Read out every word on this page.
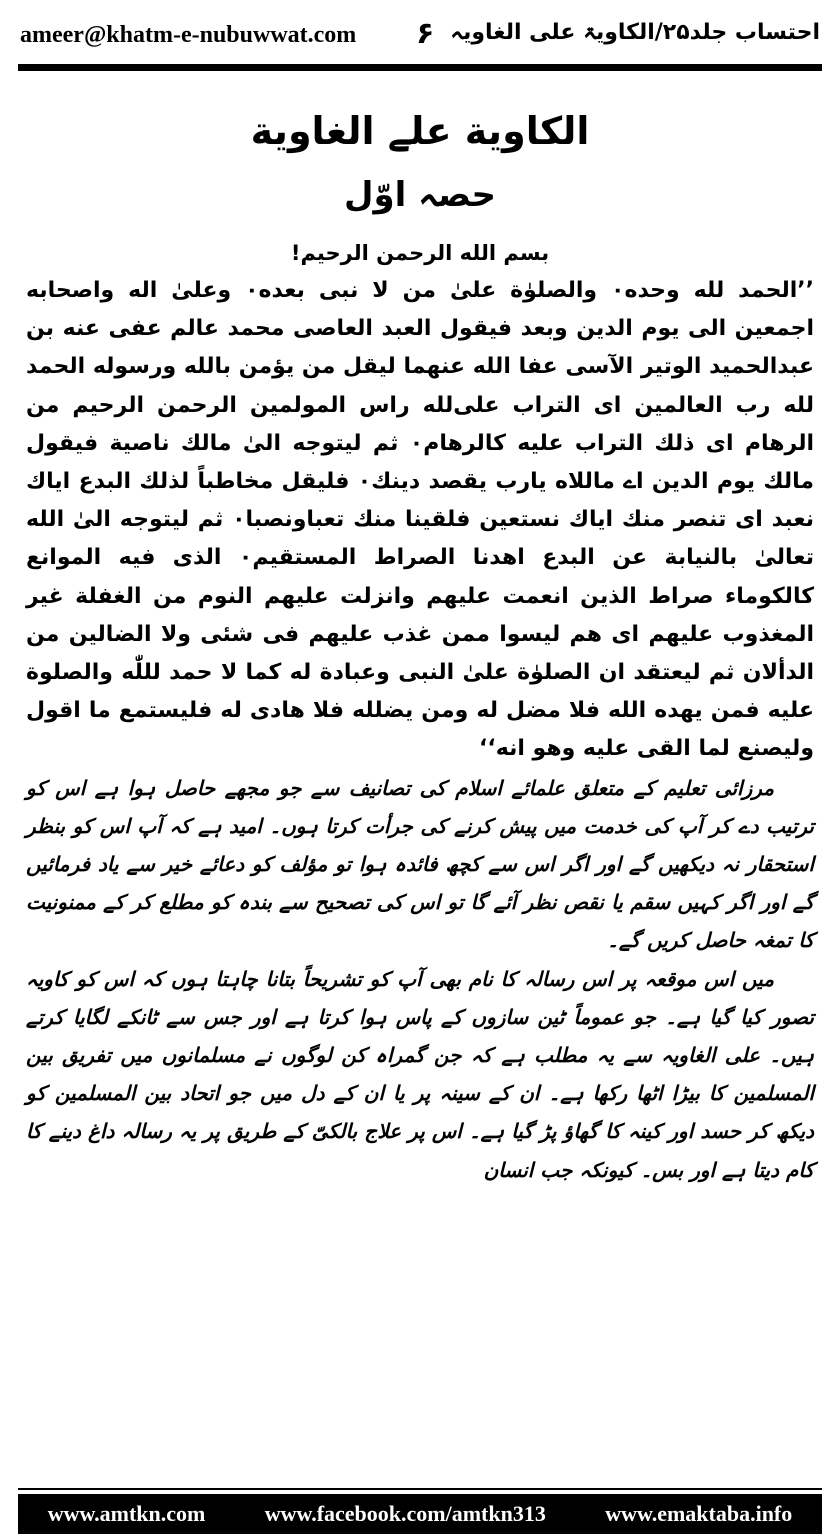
ameer@khatm-e-nubuwwat.com ۶ احتساب جلد۲۵/الکاویۃ علی الغاویہ
الكاوية علے الغاوية
حصہ اوّل

بسم الله الرحمن الرحيم!

’’الحمد لله وحده۰ والصلوٰة علیٰ من لا نبی بعده۰ وعلیٰ اله واصحابه اجمعين الی يوم الدين وبعد فيقول العبد العاصی محمد عالم عفی عنه بن عبدالحميد الوتير الآسی عفا الله عنهما ليقل من يؤمن بالله ورسوله الحمد لله رب العالمين ای التراب علی‌لله راس المولمين الرحمن الرحيم من الرهام ای ذلك التراب عليه كالرهام۰ ثم ليتوجه الیٰ مالك ناصية فيقول مالك يوم الدين اے ماللاه يارب يقصد دينك۰ فليقل مخاطباً لذلك البدع اياك نعبد ای تنصر منك اياك نستعين فلقينا منك تعباونصبا۰ ثم ليتوجه الیٰ الله تعالیٰ بالنيابة عن البدع اهدنا الصراط المستقيم۰ الذی فيه الموانع كالكوماء صراط الذين انعمت عليهم وانزلت عليهم النوم من الغفلة غير المغذوب عليهم ای هم ليسوا ممن غذب عليهم فی شئی ولا الضالين من الدألان ثم ليعتقد ان الصلوٰة علیٰ النبی وعبادة له كما لا حمد لللّٰه والصلوة عليه فمن يهده الله فلا مضل له ومن يضلله فلا هادی له فليستمع ما اقول وليصنع لما القی عليه وهو انه‘‘

مرزائی تعلیم کے متعلق علمائے اسلام کی تصانیف سے جو مجھے حاصل ہوا ہے اس کو ترتیب دے کر آپ کی خدمت میں پیش کرنے کی جرأت کرتا ہوں۔ امید ہے کہ آپ اس کو بنظر استحقار نہ دیکھیں گے اور اگر اس سے کچھ فائدہ ہوا تو مؤلف کو دعائے خیر سے یاد فرمائیں گے اور اگر کہیں سقم یا نقص نظر آئے گا تو اس کی تصحیح سے بندہ کو مطلع کر کے ممنونیت کا تمغہ حاصل کریں گے۔

میں اس موقعہ پر اس رسالہ کا نام بھی آپ کو تشریحاً بتانا چاہتا ہوں کہ اس کو کاویہ تصور کیا گیا ہے۔ جو عموماً ٹین سازوں کے پاس ہوا کرتا ہے اور جس سے ٹانکے لگایا کرتے ہیں۔ علی الغاویہ سے یہ مطلب ہے کہ جن گمراہ کن لوگوں نے مسلمانوں میں تفریق بین المسلمین کا بیڑا اٹھا رکھا ہے۔ ان کے سینہ پر یا ان کے دل میں جو اتحاد بین المسلمین کو دیکھ کر حسد اور کینہ کا گھاؤ پڑ گیا ہے۔ اس پر علاج بالکیّ کے طریق پر یہ رسالہ داغ دینے کا کام دیتا ہے اور بس۔ کیونکہ جب انسان

www.amtkn.com	www.facebook.com/amtkn313	www.emaktaba.info
